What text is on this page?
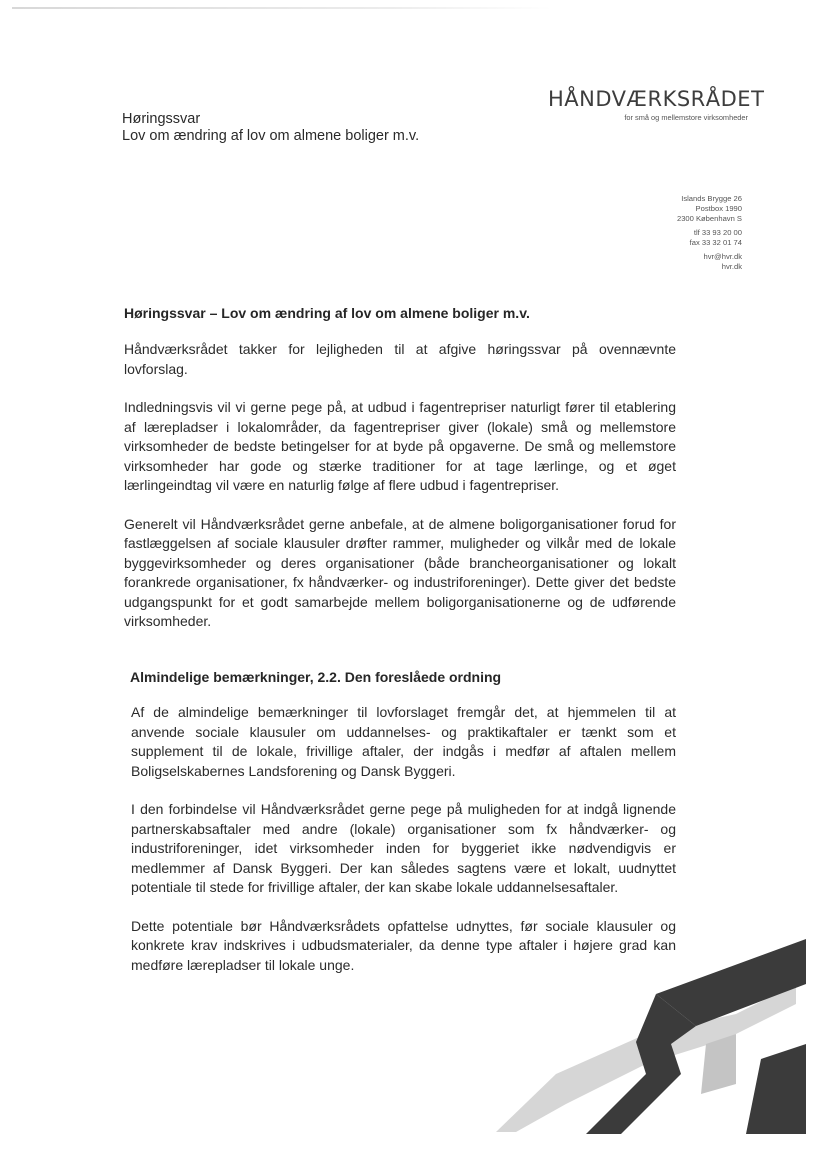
Høringssvar
Lov om ændring af lov om almene boliger m.v.
HÅNDVÆRKSRÅDET
for små og mellemstore virksomheder
Islands Brygge 26
Postbox 1990
2300 København S
tlf 33 93 20 00
fax 33 32 01 74
hvr@hvr.dk
hvr.dk
Høringssvar – Lov om ændring af lov om almene boliger m.v.

Håndværksrådet takker for lejligheden til at afgive høringssvar på ovennævnte lovforslag.

Indledningsvis vil vi gerne pege på, at udbud i fagentrepriser naturligt fører til etablering af lærepladser i lokalområder, da fagentrepriser giver (lokale) små og mellemstore virksomheder de bedste betingelser for at byde på opgaverne. De små og mellemstore virksomheder har gode og stærke traditioner for at tage lærlinge, og et øget lærlingeindtag vil være en naturlig følge af flere udbud i fagentrepriser.

Generelt vil Håndværksrådet gerne anbefale, at de almene boligorganisationer forud for fastlæggelsen af sociale klausuler drøfter rammer, muligheder og vilkår med de lokale byggevirksomheder og deres organisationer (både brancheorganisationer og lokalt forankrede organisationer, fx håndværker- og industriforeninger). Dette giver det bedste udgangspunkt for et godt samarbejde mellem boligorganisationerne og de udførende virksomheder.

Almindelige bemærkninger, 2.2. Den foreslåede ordning

Af de almindelige bemærkninger til lovforslaget fremgår det, at hjemmelen til at anvende sociale klausuler om uddannelses- og praktikaftaler er tænkt som et supplement til de lokale, frivillige aftaler, der indgås i medfør af aftalen mellem Boligselskabernes Landsforening og Dansk Byggeri.

I den forbindelse vil Håndværksrådet gerne pege på muligheden for at indgå lignende partnerskabsaftaler med andre (lokale) organisationer som fx håndværker- og industriforeninger, idet virksomheder inden for byggeriet ikke nødvendigvis er medlemmer af Dansk Byggeri. Der kan således sagtens være et lokalt, uudnyttet potentiale til stede for frivillige aftaler, der kan skabe lokale uddannelsesaftaler.

Dette potentiale bør Håndværksrådets opfattelse udnyttes, før sociale klausuler og konkrete krav indskrives i udbudsmaterialer, da denne type aftaler i højere grad kan medføre lærepladser til lokale unge.
